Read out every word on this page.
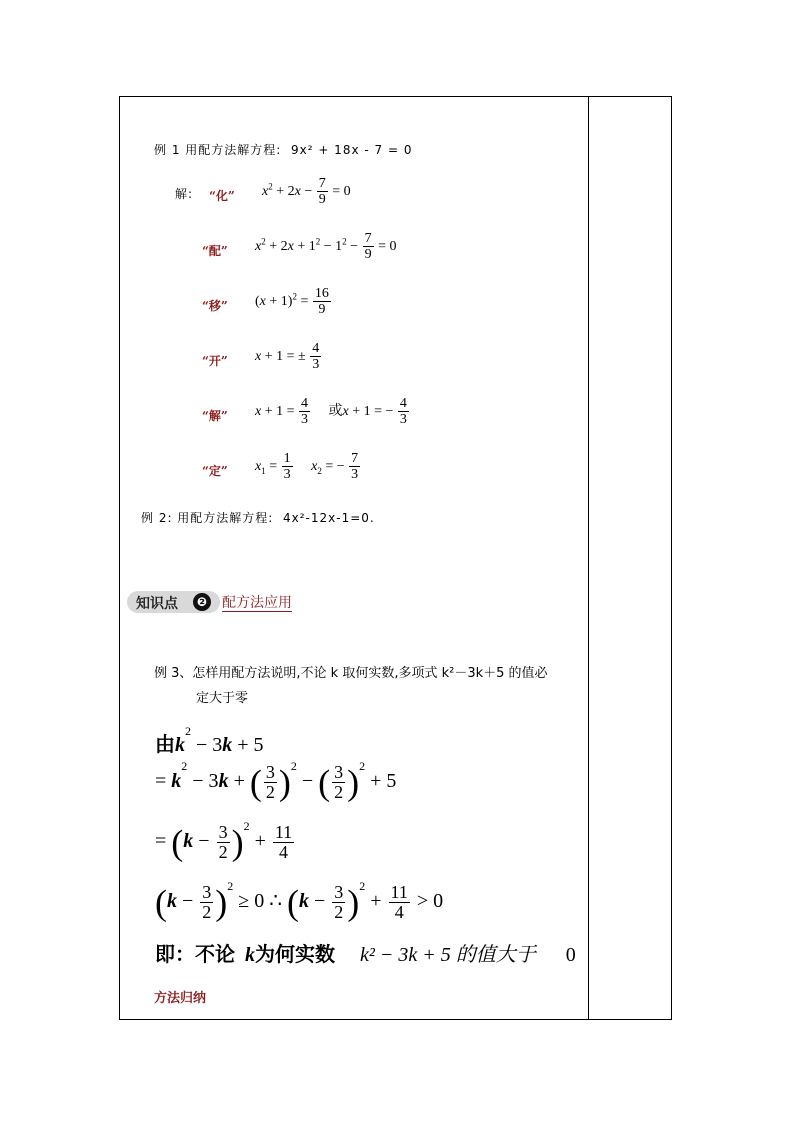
例 1 用配方法解方程: 9x² + 18x - 7 = 0
解: “化” $x^2 + 2x - \frac{7}{9} = 0$
“配” $x^2 + 2x + 1^2 - 1^2 - \frac{7}{9} = 0$
“移” $(x + 1)^2 = \frac{16}{9}$
“开” x + 1 = ± $\frac{4}{3}$
“解” $x + 1 = \frac{4}{3}$ 或x + 1 = − $\frac{4}{3}$
“定” $x_1 = \frac{1}{3} x_2$ = − $\frac{7}{3}$
例 2: 用配方法解方程: 4x²-12x-1=0.
知识点	❷ 配方法应用
例 3、怎样用配方法说明,不论 k 取何实数,多项式 k²－3k＋5 的值必
定大于零
由$k^2 - 3k + 5$
= $k^2 - 3k$ + ( $\frac{3}{2} )^2$ − ( $\frac{3}{2} )^2 + 5$
= $(k - \frac{3}{2} )^2 + \frac{11}{4}$
$(k - \frac{3}{2} )^2 \ge 0$ ∴ $(k - \frac{3}{2} )^2 + \frac{11}{4} > 0$
即：不论 k为何实数 k² − 3k + 5 的值大于 0
方法归纳
